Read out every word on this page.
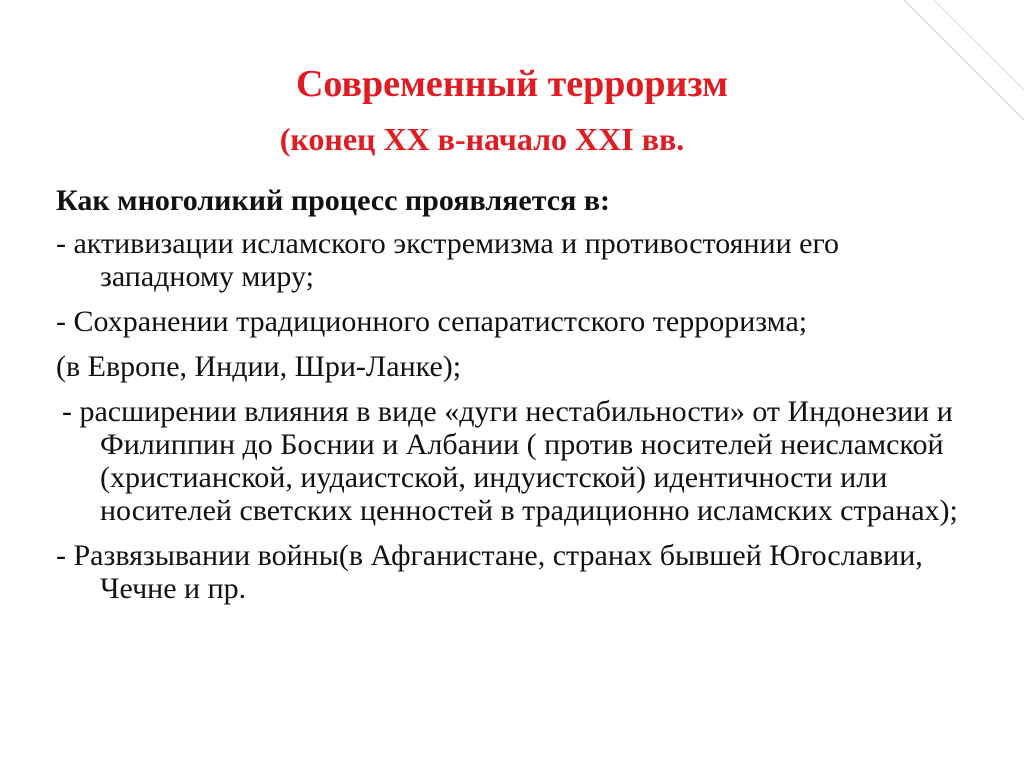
Современный терроризм
(конец XX в-начало XXI вв.
Как многоликий процесс проявляется в:
- активизации исламского экстремизма и противостоянии его западному миру;
- Сохранении традиционного сепаратистского терроризма;
(в Европе, Индии, Шри-Ланке);
- расширении влияния в виде «дуги нестабильности» от Индонезии и Филиппин до Боснии и Албании ( против носителей неисламской (христианской, иудаистской, индуистской) идентичности или носителей светских ценностей в традиционно исламских странах);
- Развязывании войны(в Афганистане, странах бывшей Югославии, Чечне и пр.
